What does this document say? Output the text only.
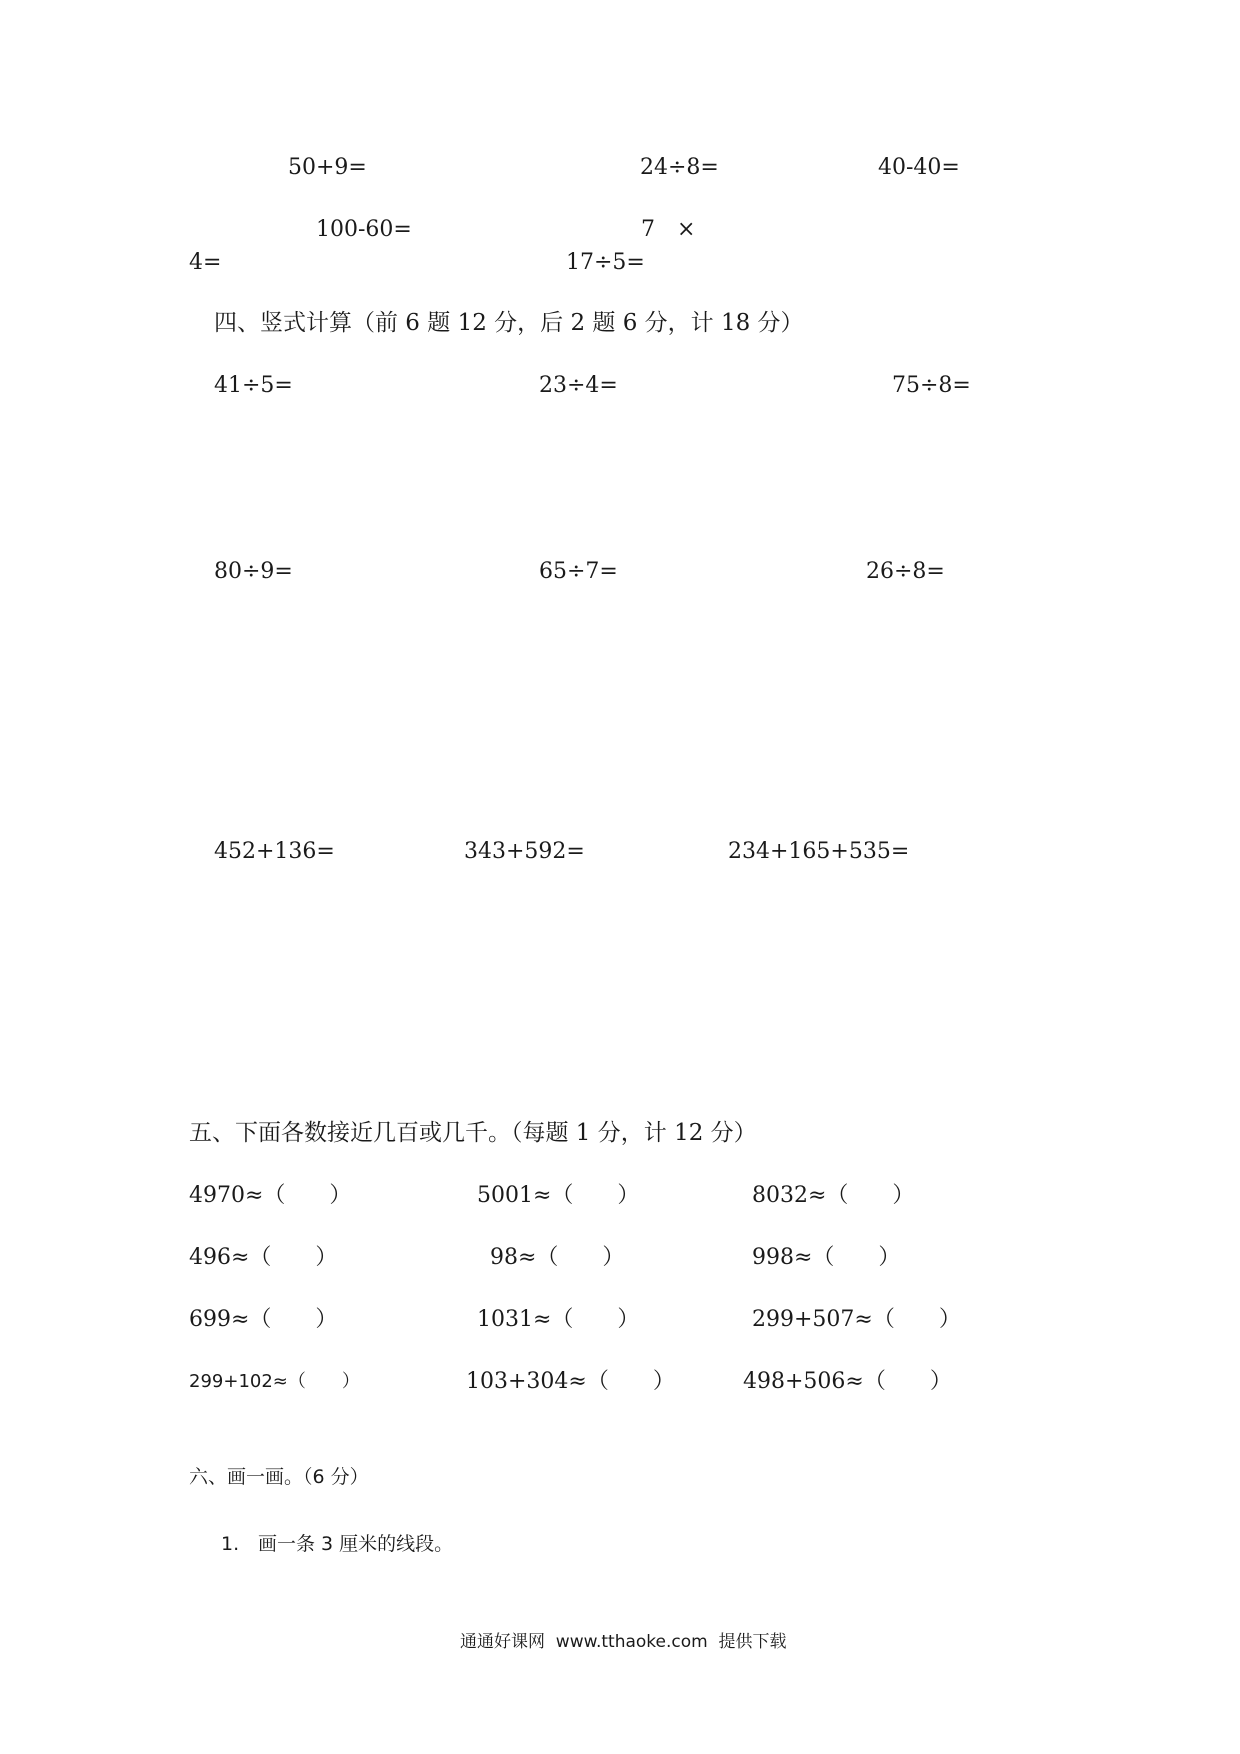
50+9=	24÷8=	40-40=
100-60=	7　×
4=	17÷5=
四、竖式计算（前 6 题 12 分，后 2 题 6 分，计 18 分）
41÷5=	23÷4=	75÷8=
80÷9=	65÷7=	26÷8=
452+136=	343+592=	234+165+535=
五、下面各数接近几百或几千。（每题 1 分，计 12 分）
4970≈（　　）	5001≈（　　）	8032≈（　　）
496≈（　　）	98≈（　　）	998≈（　　）
699≈（　　）	1031≈（　　）	299+507≈（　　）
299+102≈（　　）	103+304≈（　　）	498+506≈（　　）
六、画一画。（6 分）
1. 画一条 3 厘米的线段。
通通好课网  www.tthaoke.com  提供下载
